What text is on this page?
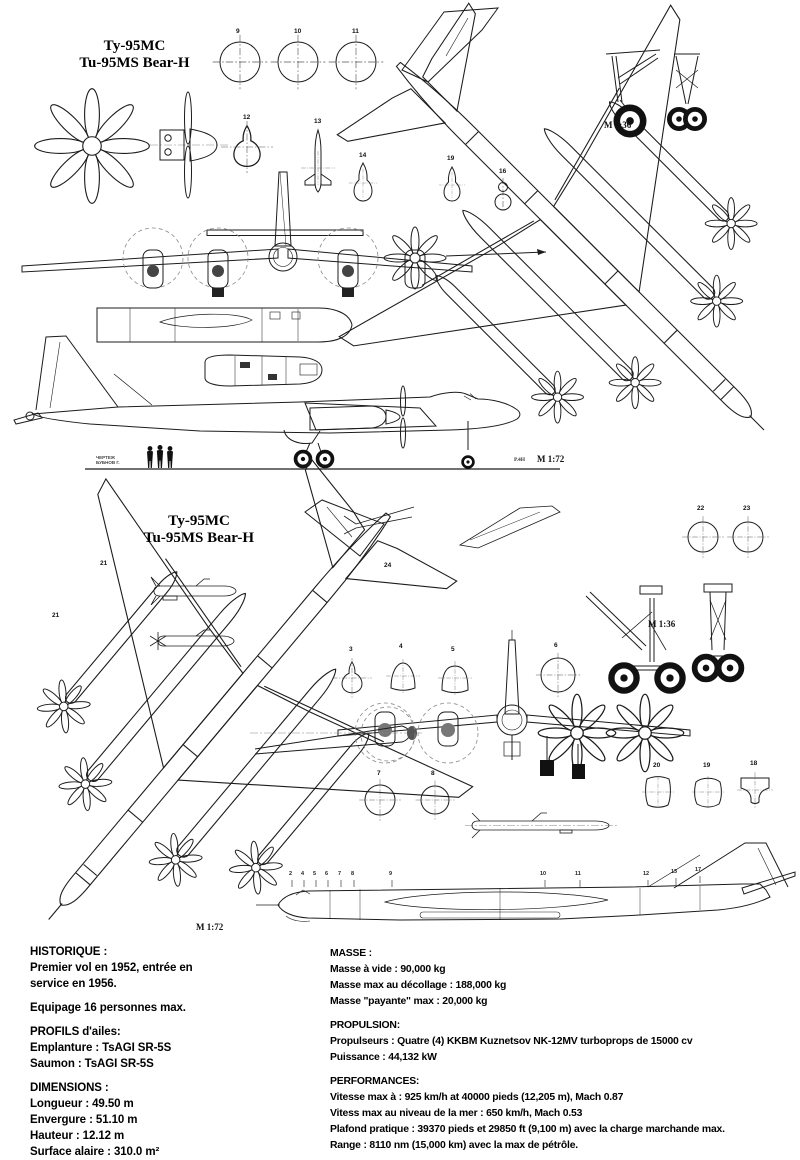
Ту-95МС
Tu-95MS Bear-H
Ту-95МС
Tu-95MS Bear-H
M 1:36
M 1:36
M 1:72
Р.4Н
M 1:72
ЧЕРТЕЖ
БУБНОВ Г.
9	10	11
12
13
14	19
16
22	23
3	4	5
6
7	8
20	19	18
21
21
24
2 4 5 6 7 8	9	10	11	12	13	17
HISTORIQUE :
Premier vol en 1952, entrée en
service en 1956.
Equipage 16 personnes max.
PROFILS d'ailes:
Emplanture : TsAGI SR-5S
Saumon : TsAGI SR-5S
DIMENSIONS :
Longueur : 49.50 m
Envergure : 51.10 m
Hauteur : 12.12 m
Surface alaire : 310.0 m²
MASSE :
Masse à vide : 90,000 kg
Masse max au décollage : 188,000 kg
Masse "payante" max : 20,000 kg
PROPULSION:
Propulseurs : Quatre (4) KKBM Kuznetsov NK-12MV turboprops de 15000 cv
Puissance : 44,132 kW
PERFORMANCES:
Vitesse max à : 925 km/h at 40000 pieds (12,205 m), Mach 0.87
Vitess max au niveau de la mer : 650 km/h, Mach 0.53
Plafond pratique : 39370 pieds et 29850 ft (9,100 m) avec la charge marchande max.
Range : 8110 nm (15,000 km) avec la max de pétrôle.
